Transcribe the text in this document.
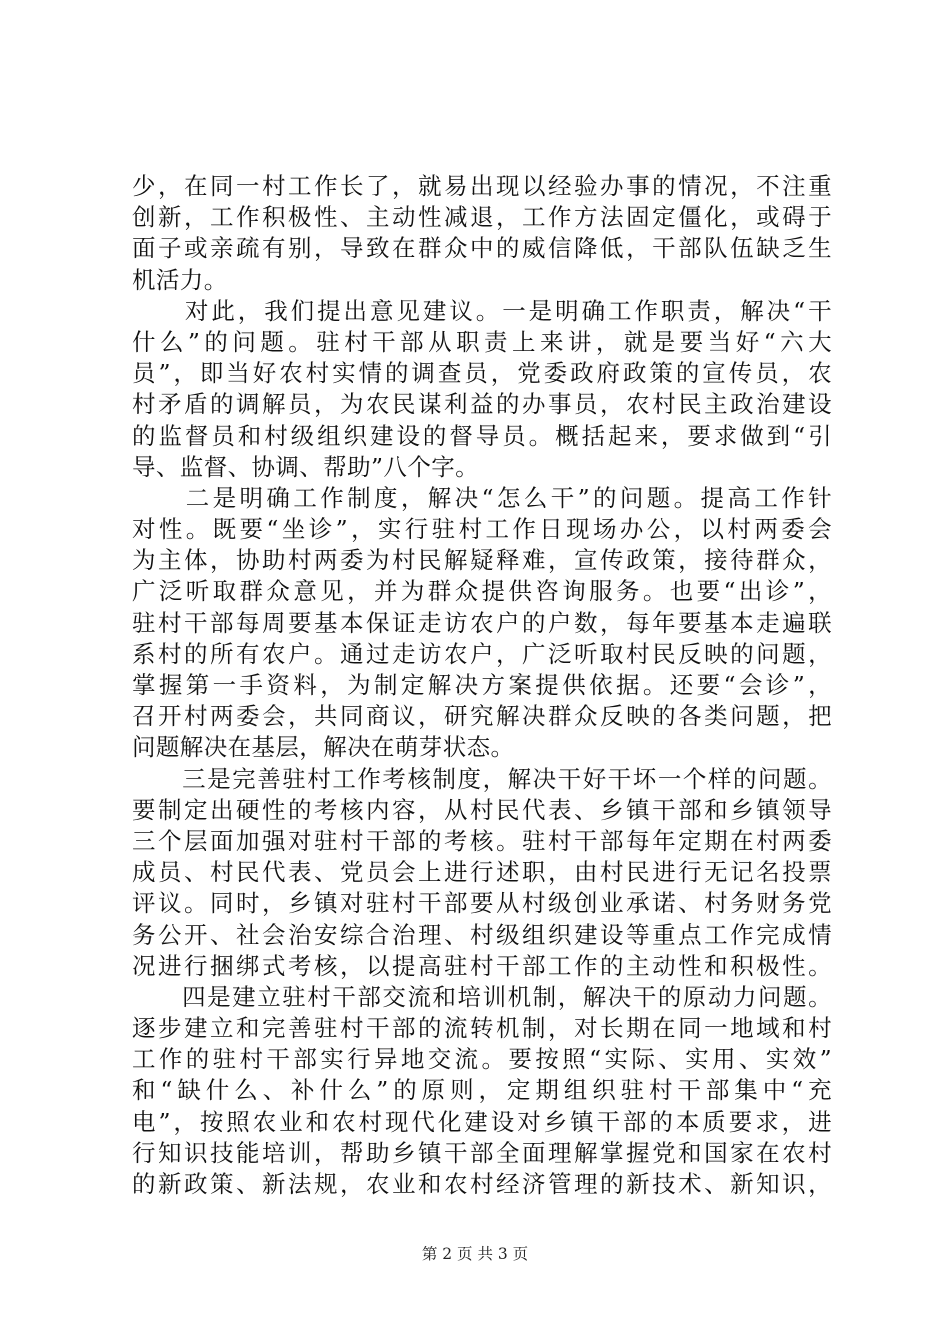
少，在同一村工作长了，就易出现以经验办事的情况，不注重
创新，工作积极性、主动性减退，工作方法固定僵化，或碍于
面子或亲疏有别，导致在群众中的威信降低，干部队伍缺乏生
机活力。
　　对此，我们提出意见建议。一是明确工作职责，解决“干
什么”的问题。驻村干部从职责上来讲，就是要当好“六大
员”，即当好农村实情的调查员，党委政府政策的宣传员，农
村矛盾的调解员，为农民谋利益的办事员，农村民主政治建设
的监督员和村级组织建设的督导员。概括起来，要求做到“引
导、监督、协调、帮助”八个字。
　　二是明确工作制度，解决“怎么干”的问题。提高工作针
对性。既要“坐诊”，实行驻村工作日现场办公，以村两委会
为主体，协助村两委为村民解疑释难，宣传政策，接待群众，
广泛听取群众意见，并为群众提供咨询服务。也要“出诊”，
驻村干部每周要基本保证走访农户的户数，每年要基本走遍联
系村的所有农户。通过走访农户，广泛听取村民反映的问题，
掌握第一手资料，为制定解决方案提供依据。还要“会诊”，
召开村两委会，共同商议，研究解决群众反映的各类问题，把
问题解决在基层，解决在萌芽状态。
　　三是完善驻村工作考核制度，解决干好干坏一个样的问题。
要制定出硬性的考核内容，从村民代表、乡镇干部和乡镇领导
三个层面加强对驻村干部的考核。驻村干部每年定期在村两委
成员、村民代表、党员会上进行述职，由村民进行无记名投票
评议。同时，乡镇对驻村干部要从村级创业承诺、村务财务党
务公开、社会治安综合治理、村级组织建设等重点工作完成情
况进行捆绑式考核，以提高驻村干部工作的主动性和积极性。
　　四是建立驻村干部交流和培训机制，解决干的原动力问题。
逐步建立和完善驻村干部的流转机制，对长期在同一地域和村
工作的驻村干部实行异地交流。要按照“实际、实用、实效”
和“缺什么、补什么”的原则，定期组织驻村干部集中“充
电”，按照农业和农村现代化建设对乡镇干部的本质要求，进
行知识技能培训，帮助乡镇干部全面理解掌握党和国家在农村
的新政策、新法规，农业和农村经济管理的新技术、新知识，
第 2 页 共 3 页
